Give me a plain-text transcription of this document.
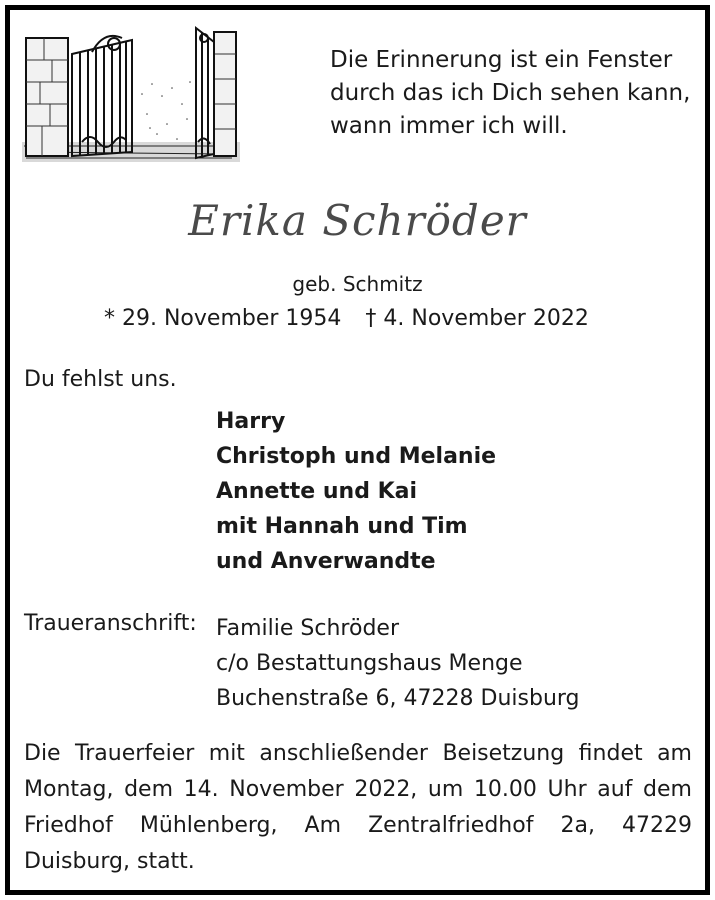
Die Erinnerung ist ein Fenster
durch das ich Dich sehen kann,
wann immer ich will.
Erika Schröder
geb. Schmitz
* 29. November 1954 † 4. November 2022
Du fehlst uns.
Harry
Christoph und Melanie
Annette und Kai
mit Hannah und Tim
und Anverwandte
Traueranschrift: Familie Schröder
c/o Bestattungshaus Menge
Buchenstraße 6, 47228 Duisburg
Die Trauerfeier mit anschließender Beisetzung findet am Montag, dem 14. November 2022, um 10.00 Uhr auf dem Friedhof Mühlenberg, Am Zentralfriedhof 2a, 47229 Duisburg, statt.
